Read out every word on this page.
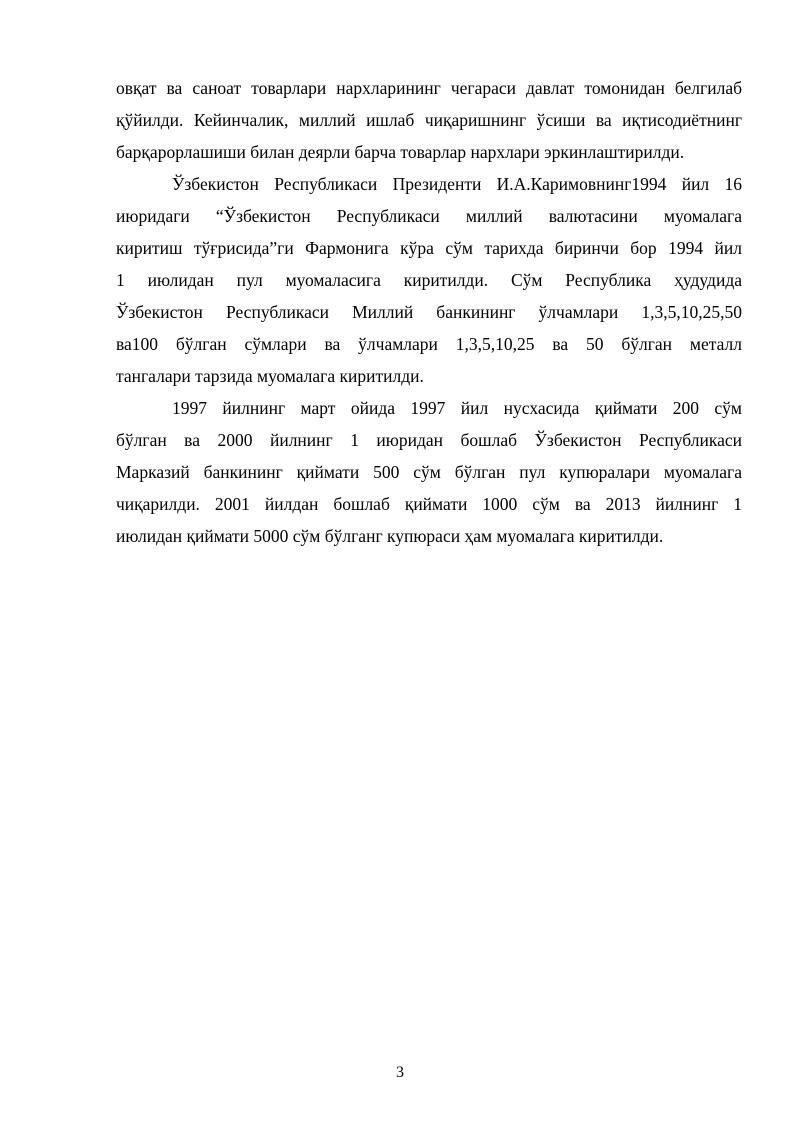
овқат ва саноат товарлари нархларининг чегараси давлат томонидан белгилаб
қўйилди. Кейинчалик, миллий ишлаб чиқаришнинг ўсиши ва иқтисодиётнинг
барқарорлашиши билан деярли барча товарлар нархлари эркинлаштирилди.
Ўзбекистон Республикаси Президенти И.А.Каримовнинг1994 йил 16
июридаги “Ўзбекистон Республикаси миллий валютасини муомалага
киритиш тўғрисида”ги Фармонига кўра сўм тарихда биринчи бор 1994 йил
1 июлидан пул муомаласига киритилди. Сўм Республика ҳудудида
Ўзбекистон Республикаси Миллий банкининг ўлчамлари 1,3,5,10,25,50
ва100 бўлган сўмлари ва ўлчамлари 1,3,5,10,25 ва 50 бўлган металл
тангалари тарзида муомалага киритилди.
1997 йилнинг март ойида 1997 йил нусхасида қиймати 200 сўм
бўлган ва 2000 йилнинг 1 июридан бошлаб Ўзбекистон Республикаси
Марказий банкининг қиймати 500 сўм бўлган пул купюралари муомалага
чиқарилди. 2001 йилдан бошлаб қиймати 1000 сўм ва 2013 йилнинг 1
июлидан қиймати 5000 сўм бўлганг купюраси ҳам муомалага киритилди.
3
